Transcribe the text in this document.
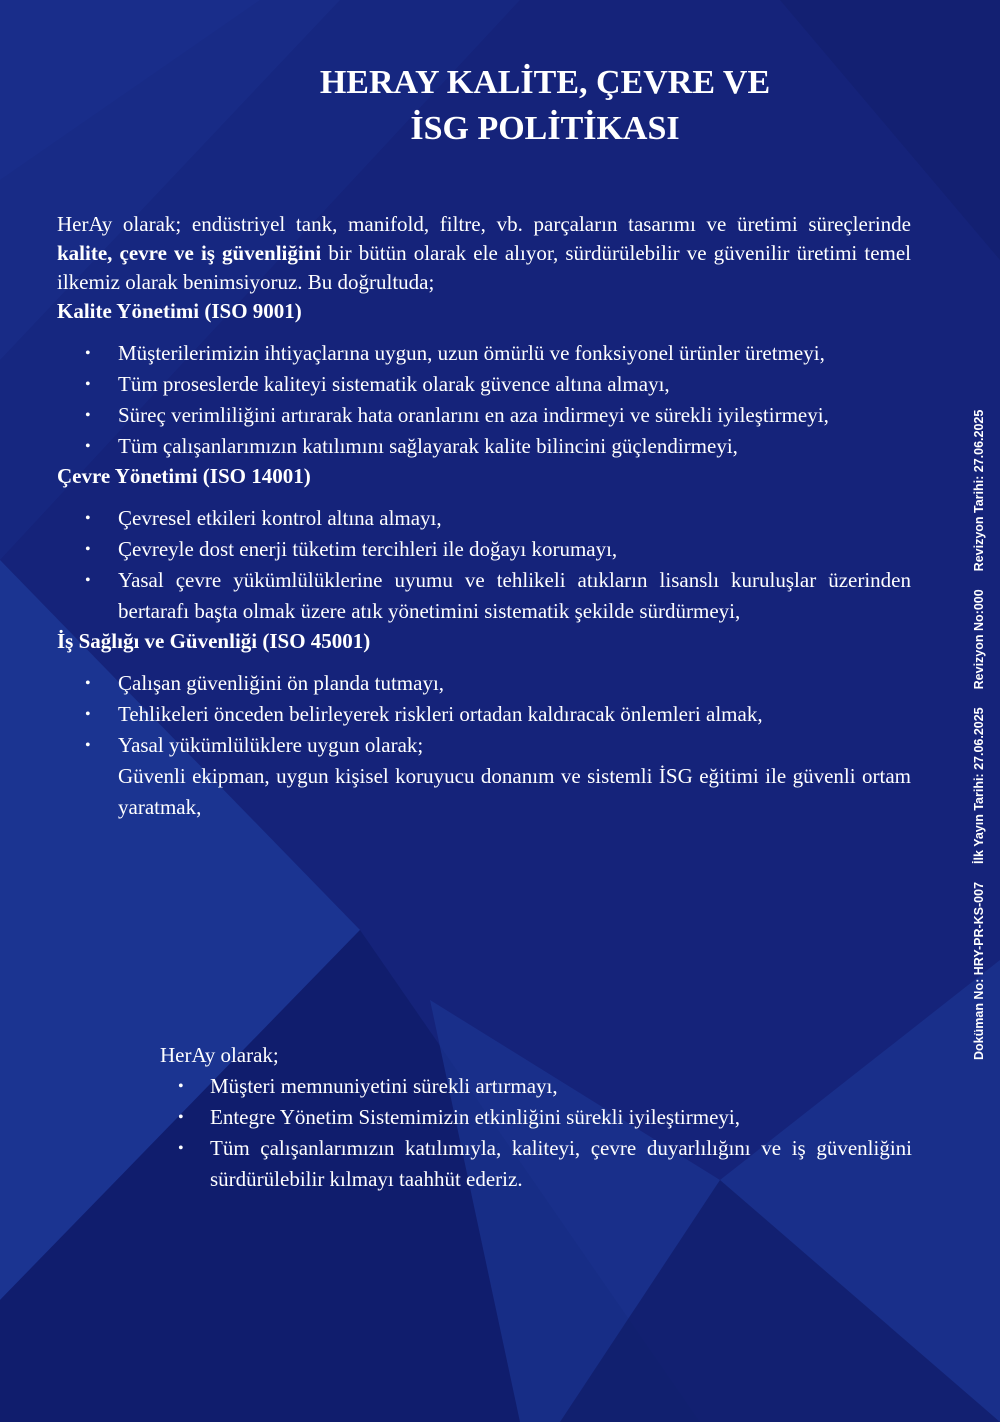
HERAY KALİTE, ÇEVRE VE
İSG POLİTİKASI

HerAy olarak; endüstriyel tank, manifold, filtre, vb. parçaların tasarımı ve üretimi süreçlerinde kalite, çevre ve iş güvenliğini bir bütün olarak ele alıyor, sürdürülebilir ve güvenilir üretimi temel ilkemiz olarak benimsiyoruz. Bu doğrultuda;

Kalite Yönetimi (ISO 9001)
• Müşterilerimizin ihtiyaçlarına uygun, uzun ömürlü ve fonksiyonel ürünler üretmeyi,
• Tüm proseslerde kaliteyi sistematik olarak güvence altına almayı,
• Süreç verimliliğini artırarak hata oranlarını en aza indirmeyi ve sürekli iyileştirmeyi,
• Tüm çalışanlarımızın katılımını sağlayarak kalite bilincini güçlendirmeyi,
Çevre Yönetimi (ISO 14001)
• Çevresel etkileri kontrol altına almayı,
• Çevreyle dost enerji tüketim tercihleri ile doğayı korumayı,
• Yasal çevre yükümlülüklerine uyumu ve tehlikeli atıkların lisanslı kuruluşlar üzerinden bertarafı başta olmak üzere atık yönetimini sistematik şekilde sürdürmeyi,
İş Sağlığı ve Güvenliği (ISO 45001)
• Çalışan güvenliğini ön planda tutmayı,
• Tehlikeleri önceden belirleyerek riskleri ortadan kaldıracak önlemleri almak,
• Yasal yükümlülüklere uygun olarak;
Güvenli ekipman, uygun kişisel koruyucu donanım ve sistemli İSG eğitimi ile güvenli ortam yaratmak,
HerAy olarak;
• Müşteri memnuniyetini sürekli artırmayı,
• Entegre Yönetim Sistemimizin etkinliğini sürekli iyileştirmeyi,
• Tüm çalışanlarımızın katılımıyla, kaliteyi, çevre duyarlılığını ve iş güvenliğini sürdürülebilir kılmayı taahhüt ederiz.
Doküman No: HRY-PR-KS-007
İlk Yayın Tarihi: 27.06.2025
Revizyon No:000
Revizyon Tarihi: 27.06.2025
